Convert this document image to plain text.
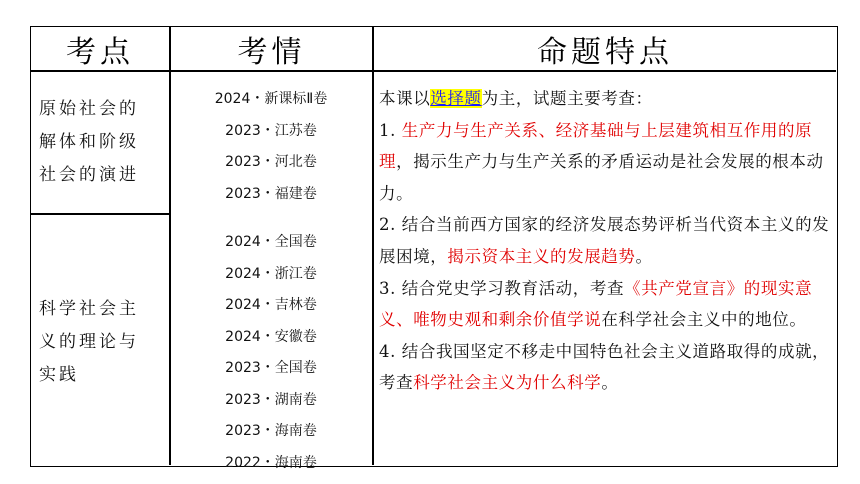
考点	考情	命题特点
原始社会的
解体和阶级
社会的演进
科学社会主
义的理论与
实践
2024・新课标Ⅱ卷
2023・江苏卷
2023・河北卷
2023・福建卷
2024・全国卷
2024・浙江卷
2024・吉林卷
2024・安徽卷
2023・全国卷
2023・湖南卷
2023・海南卷
2022・海南卷
本课以选择题为主，试题主要考查：
1. 生产力与生产关系、经济基础与上层建筑相互作用的原理，揭示生产力与生产关系的矛盾运动是社会发展的根本动力。
2. 结合当前西方国家的经济发展态势评析当代资本主义的发展困境，揭示资本主义的发展趋势。
3. 结合党史学习教育活动，考查《共产党宣言》的现实意义、唯物史观和剩余价值学说在科学社会主义中的地位。
4. 结合我国坚定不移走中国特色社会主义道路取得的成就，考查科学社会主义为什么科学。
